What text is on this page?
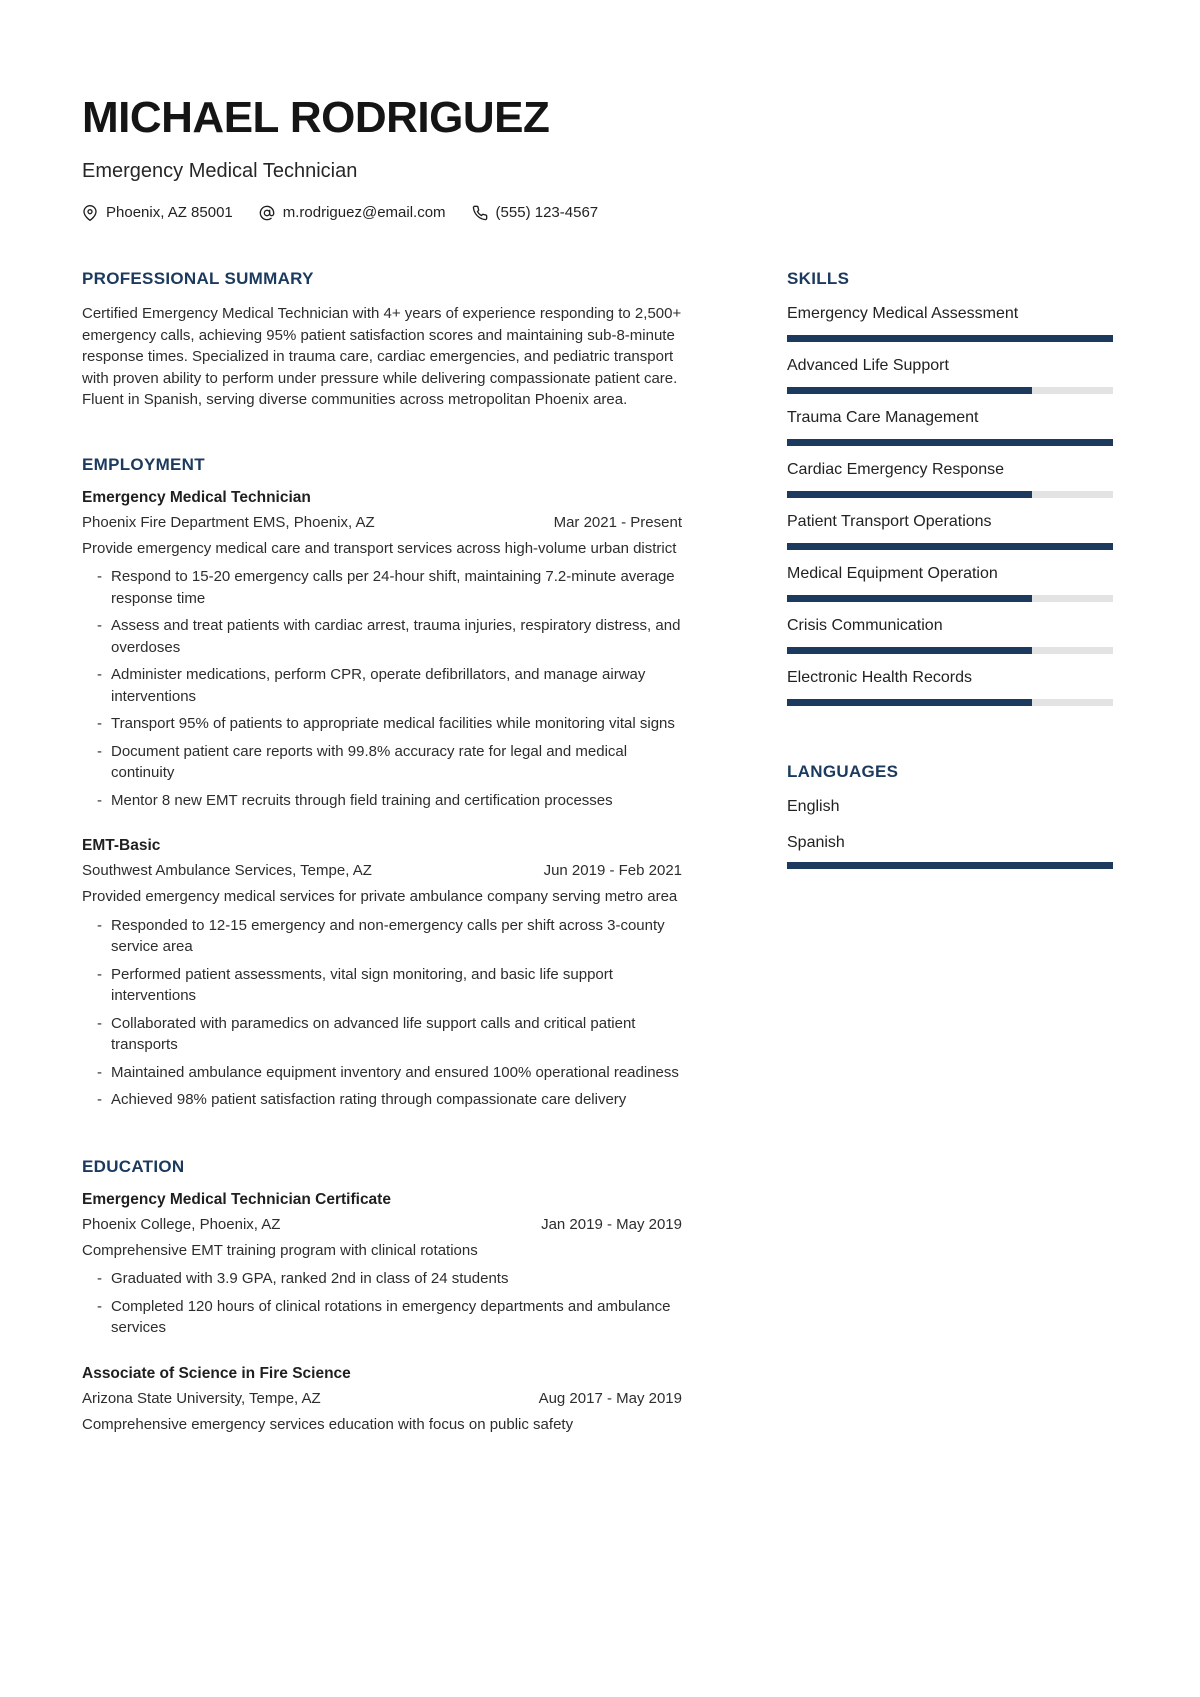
MICHAEL RODRIGUEZ
Emergency Medical Technician
Phoenix, AZ 85001	m.rodriguez@email.com	(555) 123-4567
PROFESSIONAL SUMMARY

Certified Emergency Medical Technician with 4+ years of experience responding to 2,500+ emergency calls, achieving 95% patient satisfaction scores and maintaining sub-8-minute response times. Specialized in trauma care, cardiac emergencies, and pediatric transport with proven ability to perform under pressure while delivering compassionate patient care. Fluent in Spanish, serving diverse communities across metropolitan Phoenix area.

EMPLOYMENT
Emergency Medical Technician
Phoenix Fire Department EMS, Phoenix, AZ	Mar 2021 - Present
Provide emergency medical care and transport services across high-volume urban district
- Respond to 15-20 emergency calls per 24-hour shift, maintaining 7.2-minute average response time
- Assess and treat patients with cardiac arrest, trauma injuries, respiratory distress, and overdoses
- Administer medications, perform CPR, operate defibrillators, and manage airway interventions
- Transport 95% of patients to appropriate medical facilities while monitoring vital signs
- Document patient care reports with 99.8% accuracy rate for legal and medical continuity
- Mentor 8 new EMT recruits through field training and certification processes
EMT-Basic
Southwest Ambulance Services, Tempe, AZ	Jun 2019 - Feb 2021
Provided emergency medical services for private ambulance company serving metro area
- Responded to 12-15 emergency and non-emergency calls per shift across 3-county service area
- Performed patient assessments, vital sign monitoring, and basic life support interventions
- Collaborated with paramedics on advanced life support calls and critical patient transports
- Maintained ambulance equipment inventory and ensured 100% operational readiness
- Achieved 98% patient satisfaction rating through compassionate care delivery
EDUCATION
Emergency Medical Technician Certificate
Phoenix College, Phoenix, AZ	Jan 2019 - May 2019
Comprehensive EMT training program with clinical rotations
- Graduated with 3.9 GPA, ranked 2nd in class of 24 students
- Completed 120 hours of clinical rotations in emergency departments and ambulance services
Associate of Science in Fire Science
Arizona State University, Tempe, AZ	Aug 2017 - May 2019
Comprehensive emergency services education with focus on public safety
SKILLS
Emergency Medical Assessment
Advanced Life Support
Trauma Care Management
Cardiac Emergency Response
Patient Transport Operations
Medical Equipment Operation
Crisis Communication
Electronic Health Records
LANGUAGES
English
Spanish
